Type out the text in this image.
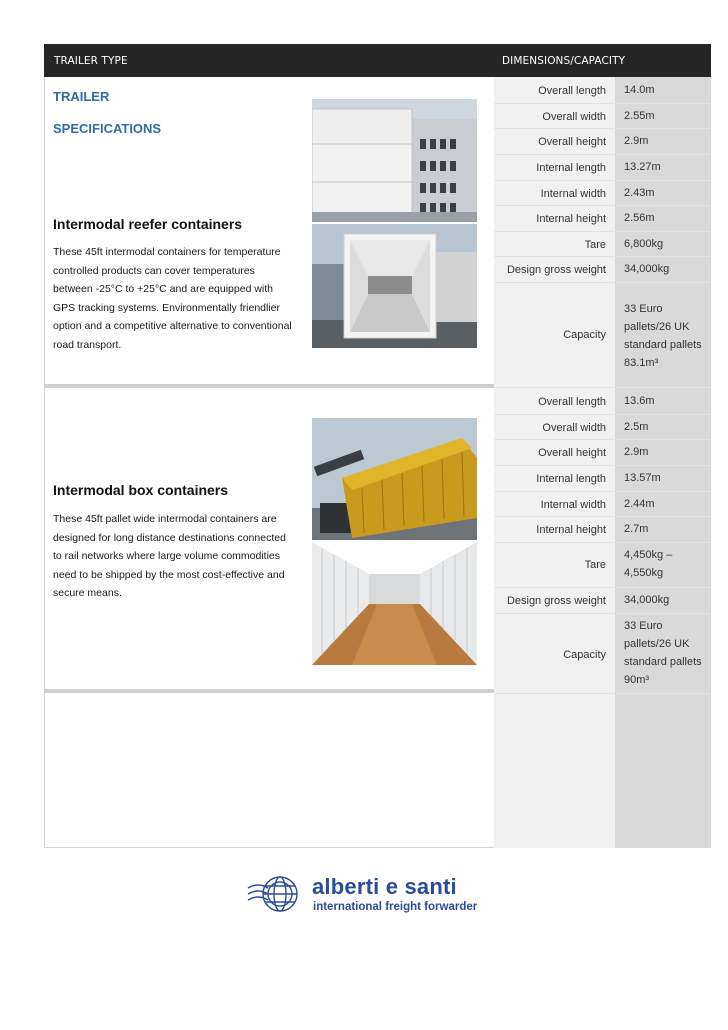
TRAILER TYPE	DIMENSIONS/CAPACITY
TRAILER
SPECIFICATIONS
Intermodal reefer containers
These 45ft intermodal containers for temperature controlled products can cover temperatures between -25°C to +25°C and are equipped with GPS tracking systems. Environmentally friendlier option and a competitive alternative to conventional road transport.
Intermodal box containers
These 45ft pallet wide intermodal containers are designed for long distance destinations connected to rail networks where large volume commodities need to be shipped by the most cost-effective and secure means.
Overall length 14.0m
Overall width 2.55m
Overall height 2.9m
Internal length 13.27m
Internal width 2.43m
Internal height 2.56m
Tare 6,800kg
Design gross weight 34,000kg
Capacity
33 Euro pallets/26 UK standard pallets 83.1m³
Overall length 13.6m
Overall width 2.5m
Overall height 2.9m
Internal length 13.57m
Internal width 2.44m
Internal height 2.7m
Tare
4,450kg – 4,550kg
Design gross weight 34,000kg
Capacity
33 Euro pallets/26 UK standard pallets 90m³
alberti e santi
international freight forwarder
